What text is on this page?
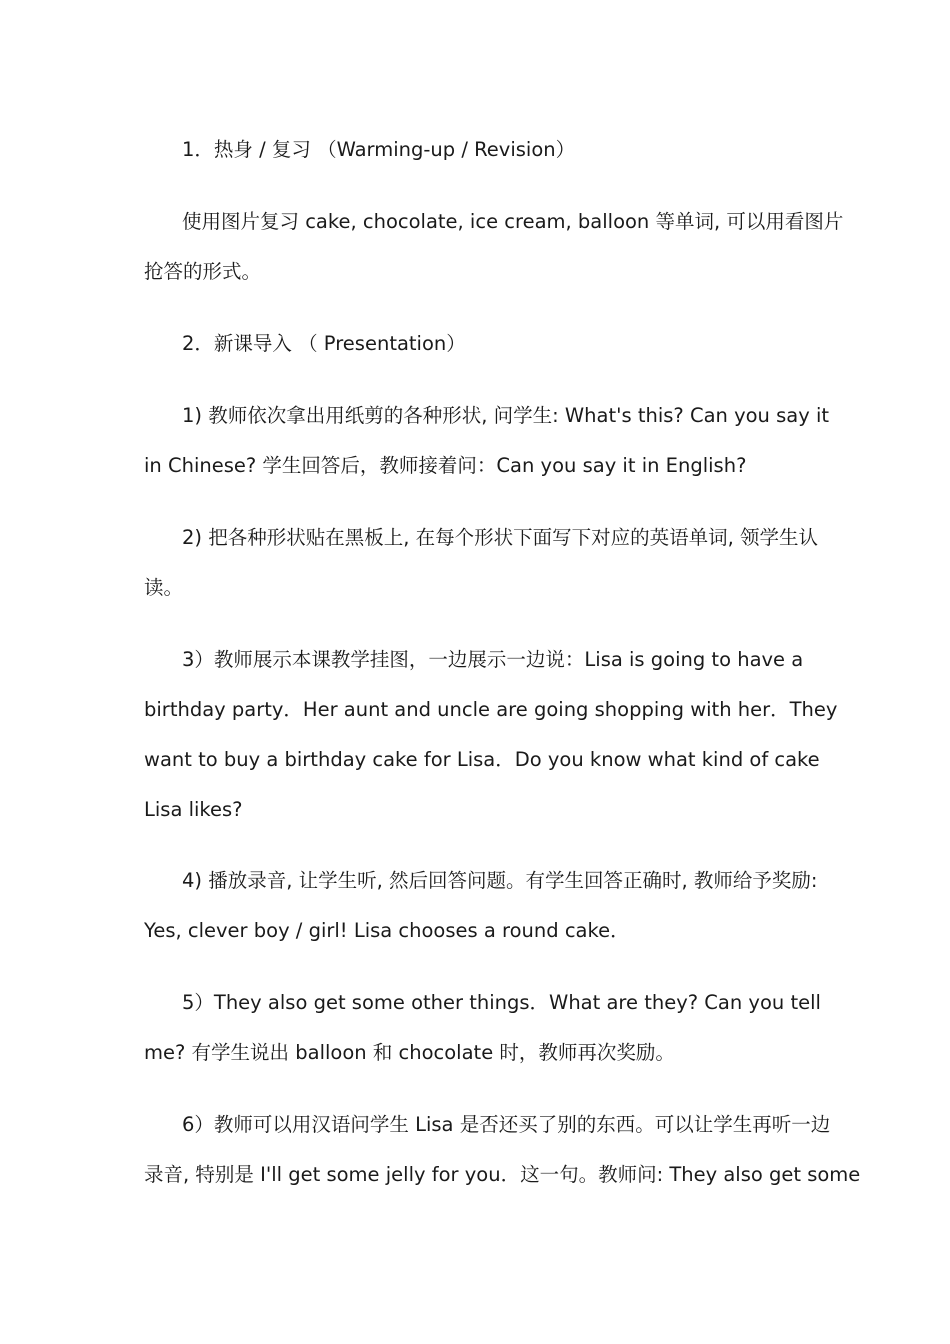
1．热身 / 复习 （Warming-up / Revision）

使用图片复习 cake, chocolate, ice cream, balloon 等单词, 可以用看图片
抢答的形式。

2．新课导入 （ Presentation）

1) 教师依次拿出用纸剪的各种形状, 问学生: What's this? Can you say it
in Chinese? 学生回答后，教师接着问：Can you say it in English?

2) 把各种形状贴在黑板上, 在每个形状下面写下对应的英语单词, 领学生认
读。

3）教师展示本课教学挂图，一边展示一边说：Lisa is going to have a
birthday party．Her aunt and uncle are going shopping with her．They
want to buy a birthday cake for Lisa．Do you know what kind of cake
Lisa likes?

4) 播放录音, 让学生听, 然后回答问题。有学生回答正确时, 教师给予奖励:
Yes, clever boy / girl! Lisa chooses a round cake．

5）They also get some other things．What are they? Can you tell
me? 有学生说出 balloon 和 chocolate 时，教师再次奖励。

6）教师可以用汉语问学生 Lisa 是否还买了别的东西。可以让学生再听一边
录音, 特别是 I'll get some jelly for you．这一句。教师问: They also get some
